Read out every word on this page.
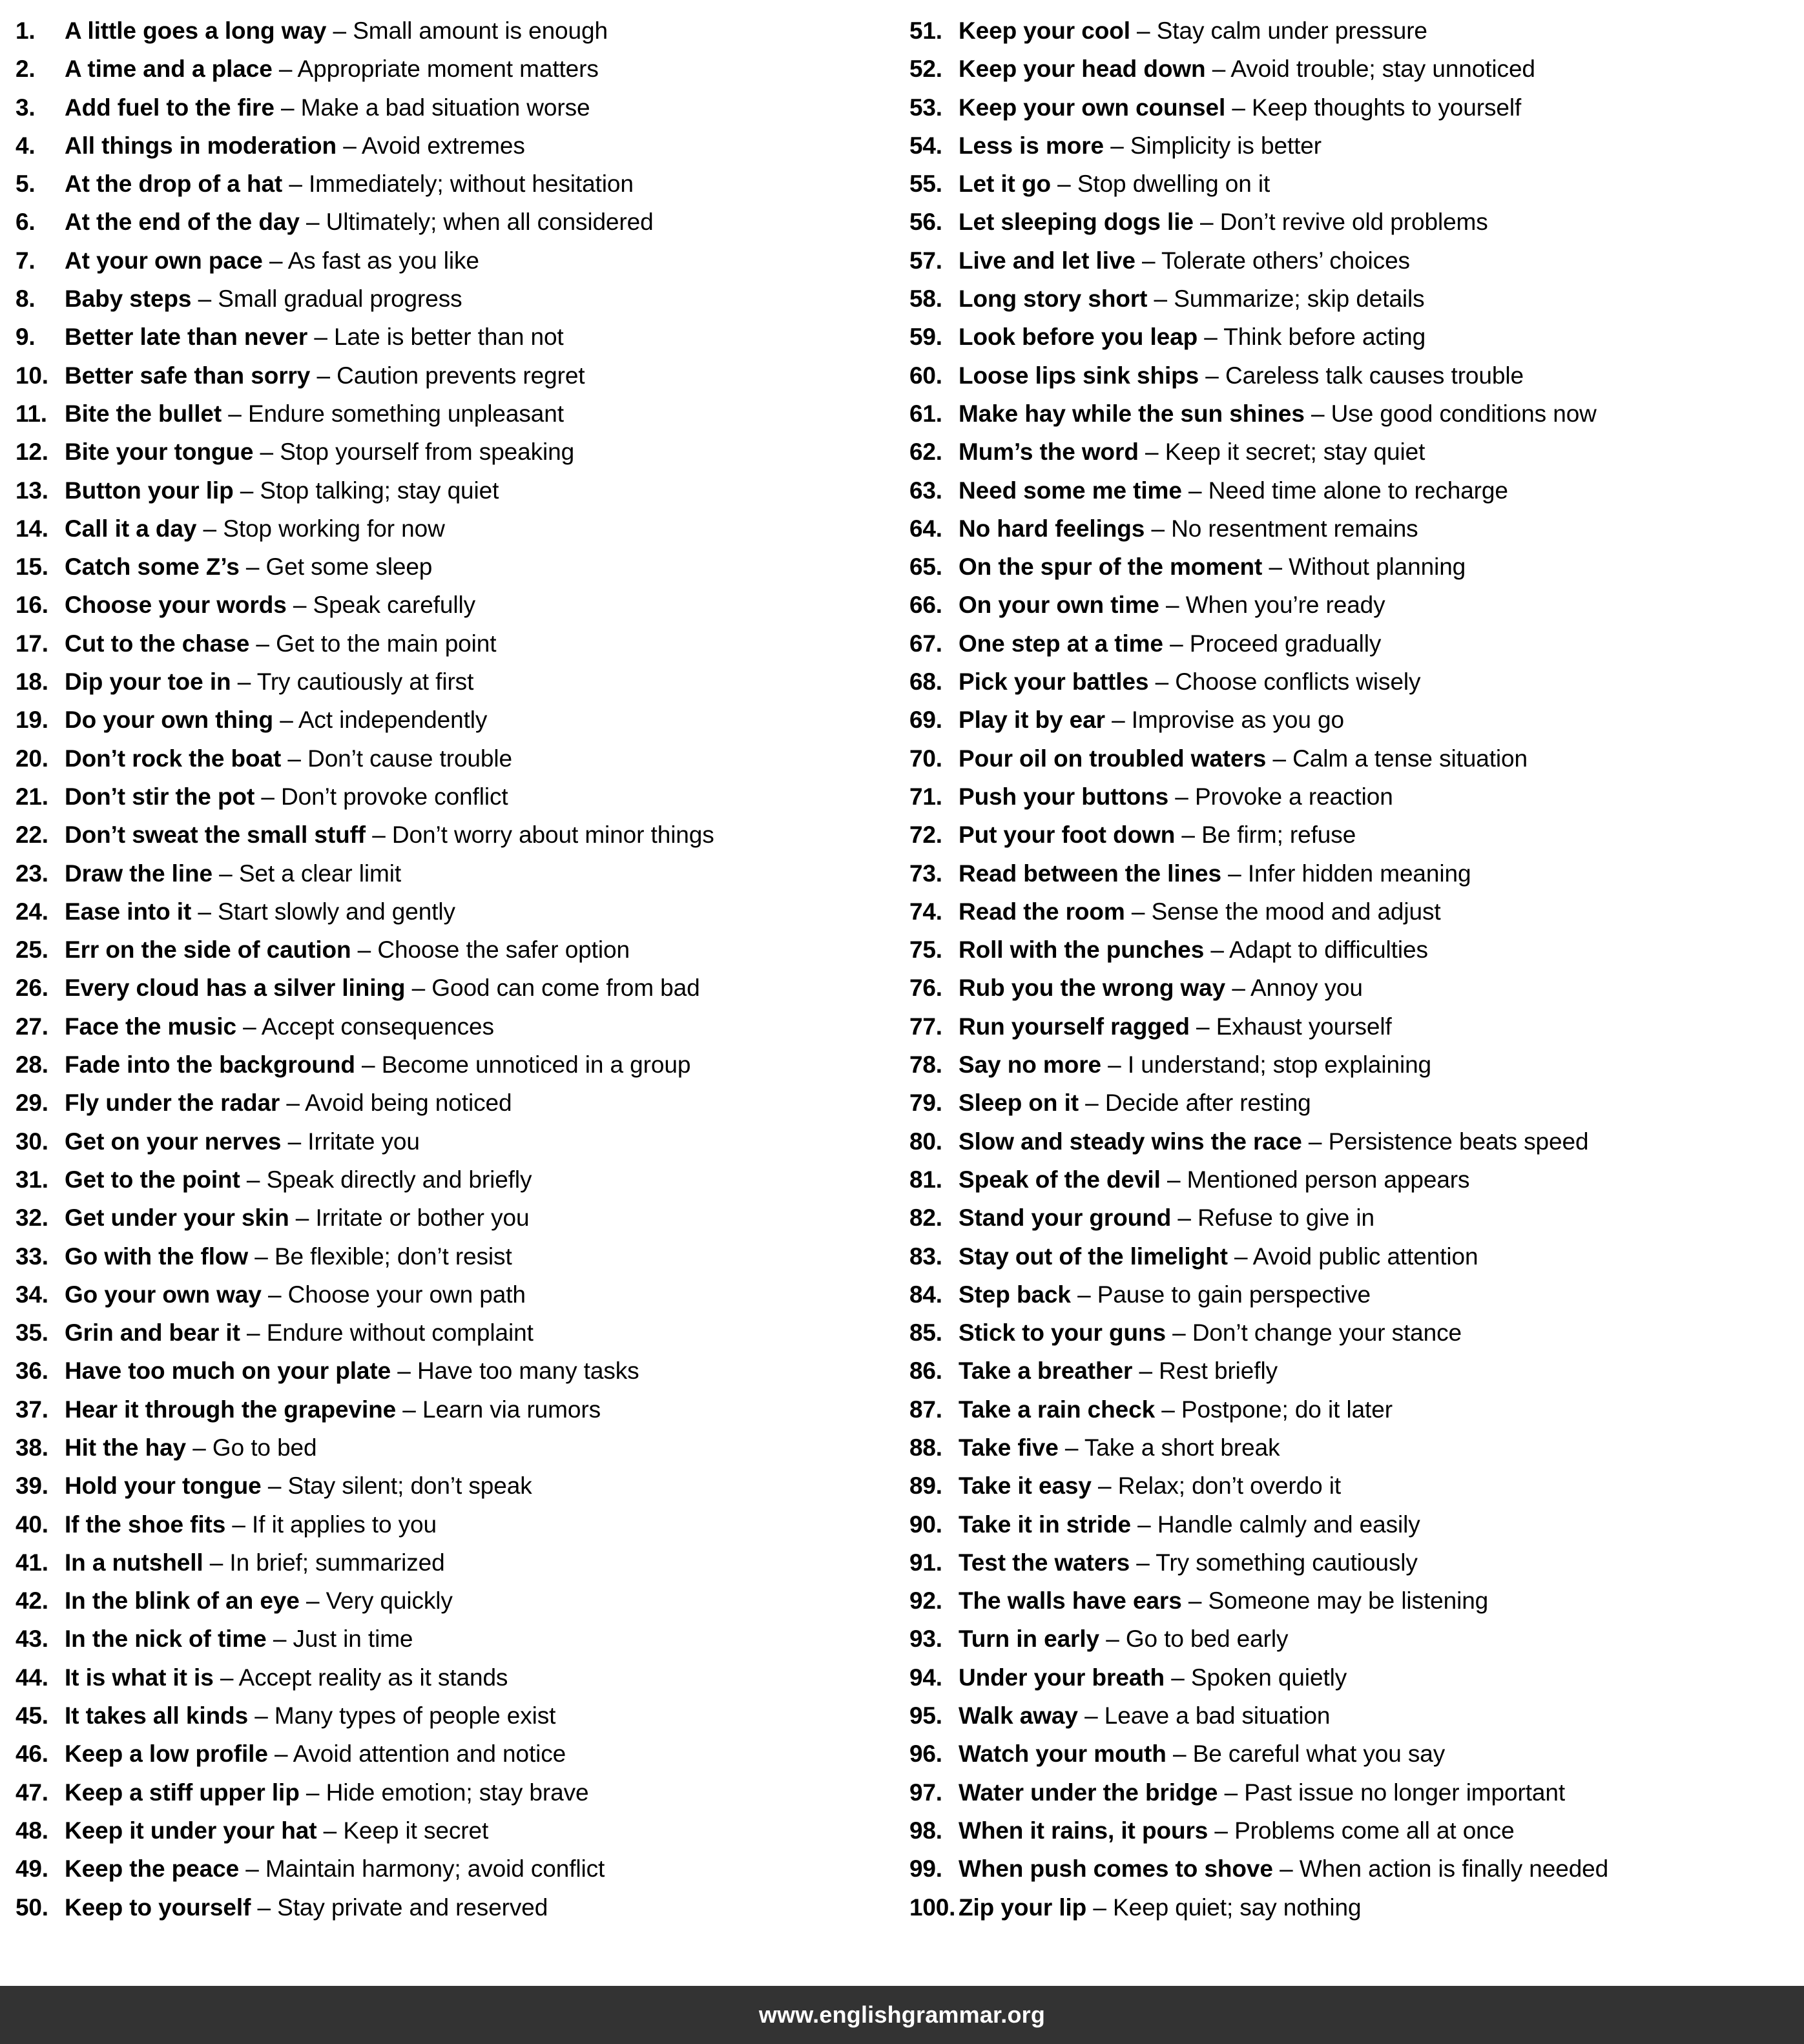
1.	A little goes a long way – Small amount is enough
2.	A time and a place – Appropriate moment matters
3.	Add fuel to the fire – Make a bad situation worse
4.	All things in moderation – Avoid extremes
5.	At the drop of a hat – Immediately; without hesitation
6.	At the end of the day – Ultimately; when all considered
7.	At your own pace – As fast as you like
8.	Baby steps – Small gradual progress
9.	Better late than never – Late is better than not
10. Better safe than sorry – Caution prevents regret
11. Bite the bullet – Endure something unpleasant
12. Bite your tongue – Stop yourself from speaking
13. Button your lip – Stop talking; stay quiet
14. Call it a day – Stop working for now
15. Catch some Z’s – Get some sleep
16. Choose your words – Speak carefully
17. Cut to the chase – Get to the main point
18. Dip your toe in – Try cautiously at first
19. Do your own thing – Act independently
20. Don’t rock the boat – Don’t cause trouble
21. Don’t stir the pot – Don’t provoke conflict
22. Don’t sweat the small stuff – Don’t worry about minor things
23. Draw the line – Set a clear limit
24. Ease into it – Start slowly and gently
25. Err on the side of caution – Choose the safer option
26. Every cloud has a silver lining – Good can come from bad
27. Face the music – Accept consequences
28. Fade into the background – Become unnoticed in a group
29. Fly under the radar – Avoid being noticed
30. Get on your nerves – Irritate you
31. Get to the point – Speak directly and briefly
32. Get under your skin – Irritate or bother you
33. Go with the flow – Be flexible; don’t resist
34. Go your own way – Choose your own path
35. Grin and bear it – Endure without complaint
36. Have too much on your plate – Have too many tasks
37. Hear it through the grapevine – Learn via rumors
38. Hit the hay – Go to bed
39. Hold your tongue – Stay silent; don’t speak
40. If the shoe fits – If it applies to you
41. In a nutshell – In brief; summarized
42. In the blink of an eye – Very quickly
43. In the nick of time – Just in time
44. It is what it is – Accept reality as it stands
45. It takes all kinds – Many types of people exist
46. Keep a low profile – Avoid attention and notice
47. Keep a stiff upper lip – Hide emotion; stay brave
48. Keep it under your hat – Keep it secret
49. Keep the peace – Maintain harmony; avoid conflict
50. Keep to yourself – Stay private and reserved
51. Keep your cool – Stay calm under pressure
52. Keep your head down – Avoid trouble; stay unnoticed
53. Keep your own counsel – Keep thoughts to yourself
54. Less is more – Simplicity is better
55. Let it go – Stop dwelling on it
56. Let sleeping dogs lie – Don’t revive old problems
57. Live and let live – Tolerate others’ choices
58. Long story short – Summarize; skip details
59. Look before you leap – Think before acting
60. Loose lips sink ships – Careless talk causes trouble
61. Make hay while the sun shines – Use good conditions now
62. Mum’s the word – Keep it secret; stay quiet
63. Need some me time – Need time alone to recharge
64. No hard feelings – No resentment remains
65. On the spur of the moment – Without planning
66. On your own time – When you’re ready
67. One step at a time – Proceed gradually
68. Pick your battles – Choose conflicts wisely
69. Play it by ear – Improvise as you go
70. Pour oil on troubled waters – Calm a tense situation
71. Push your buttons – Provoke a reaction
72. Put your foot down – Be firm; refuse
73. Read between the lines – Infer hidden meaning
74. Read the room – Sense the mood and adjust
75. Roll with the punches – Adapt to difficulties
76. Rub you the wrong way – Annoy you
77. Run yourself ragged – Exhaust yourself
78. Say no more – I understand; stop explaining
79. Sleep on it – Decide after resting
80. Slow and steady wins the race – Persistence beats speed
81. Speak of the devil – Mentioned person appears
82. Stand your ground – Refuse to give in
83. Stay out of the limelight – Avoid public attention
84. Step back – Pause to gain perspective
85. Stick to your guns – Don’t change your stance
86. Take a breather – Rest briefly
87. Take a rain check – Postpone; do it later
88. Take five – Take a short break
89. Take it easy – Relax; don’t overdo it
90. Take it in stride – Handle calmly and easily
91. Test the waters – Try something cautiously
92. The walls have ears – Someone may be listening
93. Turn in early – Go to bed early
94. Under your breath – Spoken quietly
95. Walk away – Leave a bad situation
96. Watch your mouth – Be careful what you say
97. Water under the bridge – Past issue no longer important
98. When it rains, it pours – Problems come all at once
99. When push comes to shove – When action is finally needed
100. Zip your lip – Keep quiet; say nothing
www.englishgrammar.org
